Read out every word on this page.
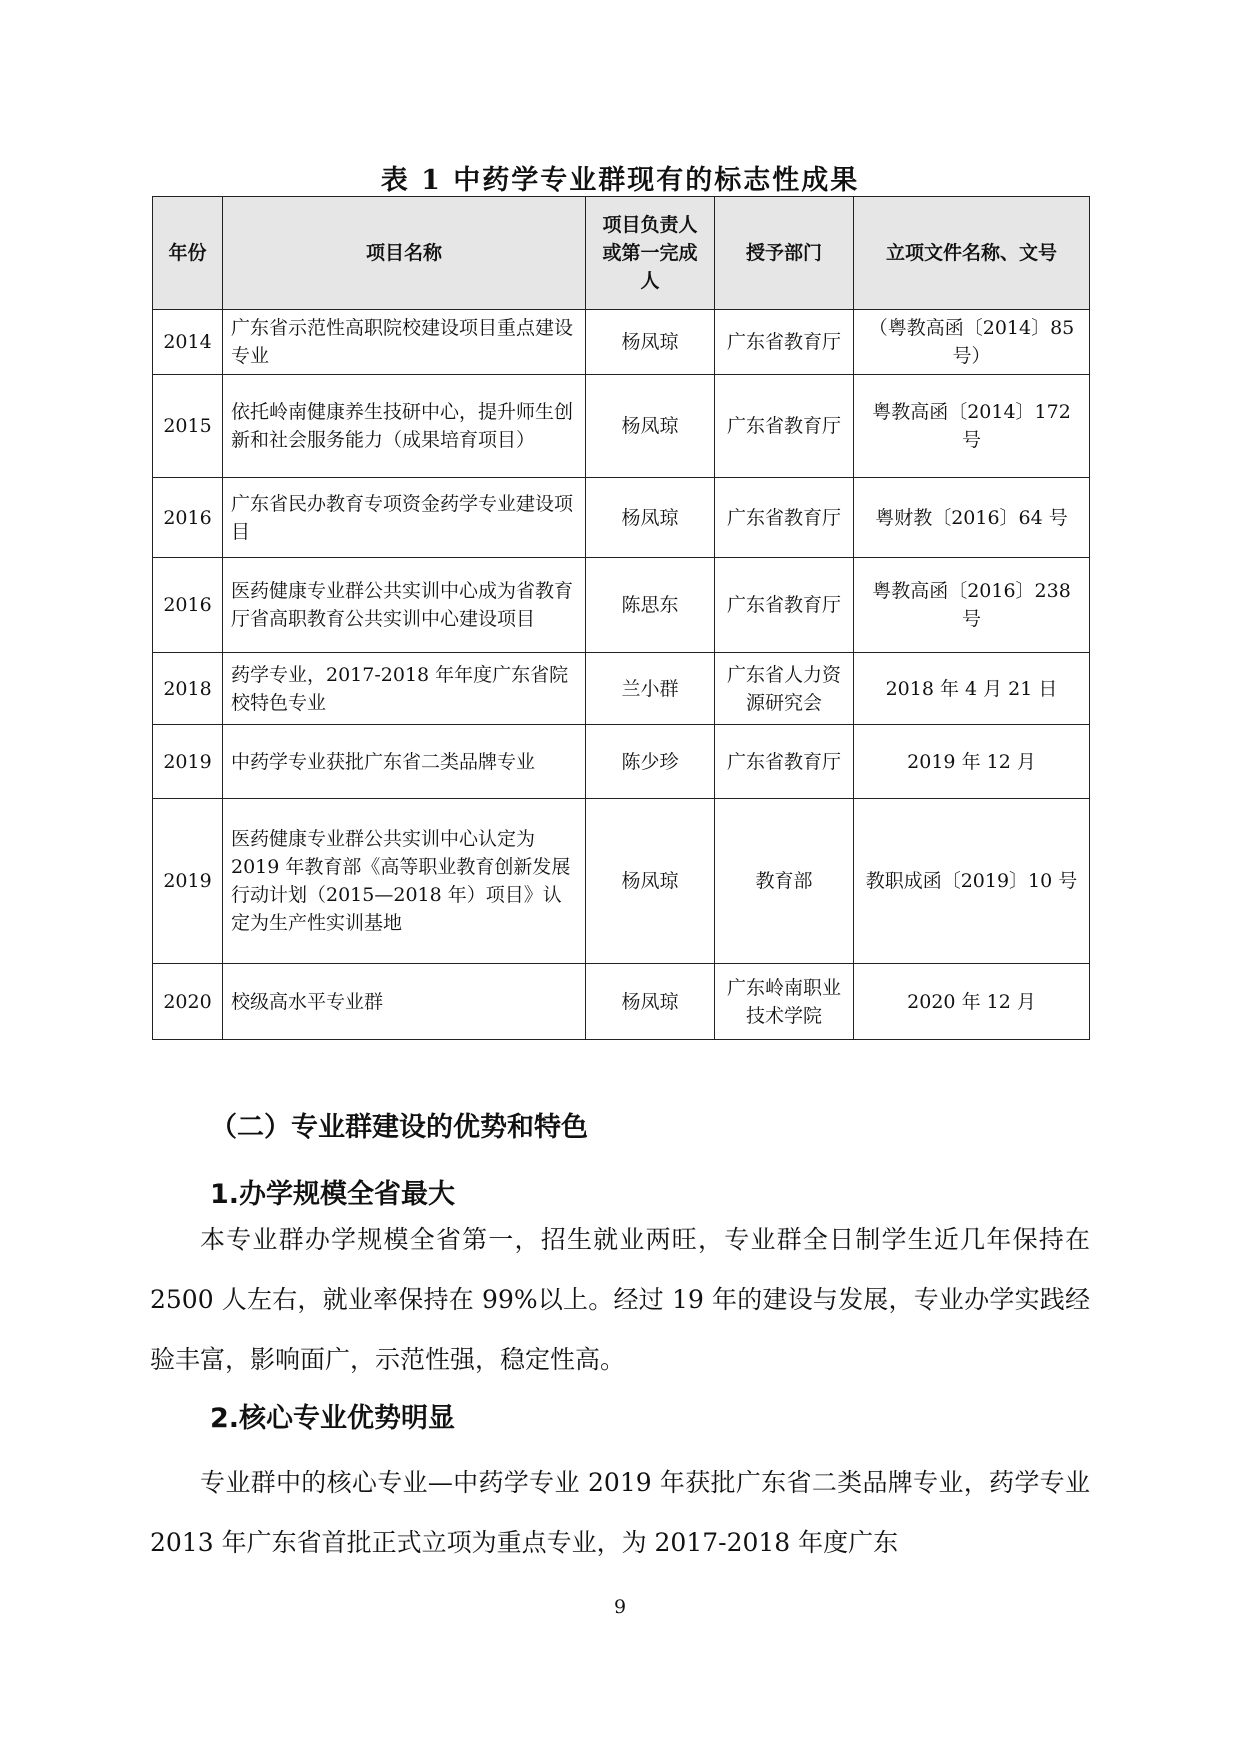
表 1 中药学专业群现有的标志性成果
年份	项目名称	项目负责人或第一完成人	授予部门	立项文件名称、文号
2014	广东省示范性高职院校建设项目重点建设专业	杨凤琼	广东省教育厅	（粤教高函〔2014〕85号）
2015	依托岭南健康养生技研中心，提升师生创新和社会服务能力（成果培育项目）	杨凤琼	广东省教育厅	粤教高函〔2014〕172 号
2016	广东省民办教育专项资金药学专业建设项目	杨凤琼	广东省教育厅	粤财教〔2016〕64 号
2016	医药健康专业群公共实训中心成为省教育厅省高职教育公共实训中心建设项目	陈思东	广东省教育厅	粤教高函〔2016〕238 号
2018	药学专业，2017-2018 年年度广东省院校特色专业	兰小群	广东省人力资源研究会	2018 年 4 月 21 日
2019	中药学专业获批广东省二类品牌专业	陈少珍	广东省教育厅	2019 年 12 月
2019	医药健康专业群公共实训中心认定为 2019 年教育部《高等职业教育创新发展行动计划（2015—2018 年）项目》认定为生产性实训基地	杨凤琼	教育部	教职成函〔2019〕10 号
2020	校级高水平专业群	杨凤琼	广东岭南职业技术学院	2020 年 12 月
（二）专业群建设的优势和特色
1.办学规模全省最大

本专业群办学规模全省第一，招生就业两旺，专业群全日制学生近几年保持在 2500 人左右，就业率保持在 99%以上。经过 19 年的建设与发展，专业办学实践经验丰富，影响面广，示范性强，稳定性高。

2.核心专业优势明显

专业群中的核心专业—中药学专业 2019 年获批广东省二类品牌专业，药学专业 2013 年广东省首批正式立项为重点专业，为 2017-2018 年度广东

9
